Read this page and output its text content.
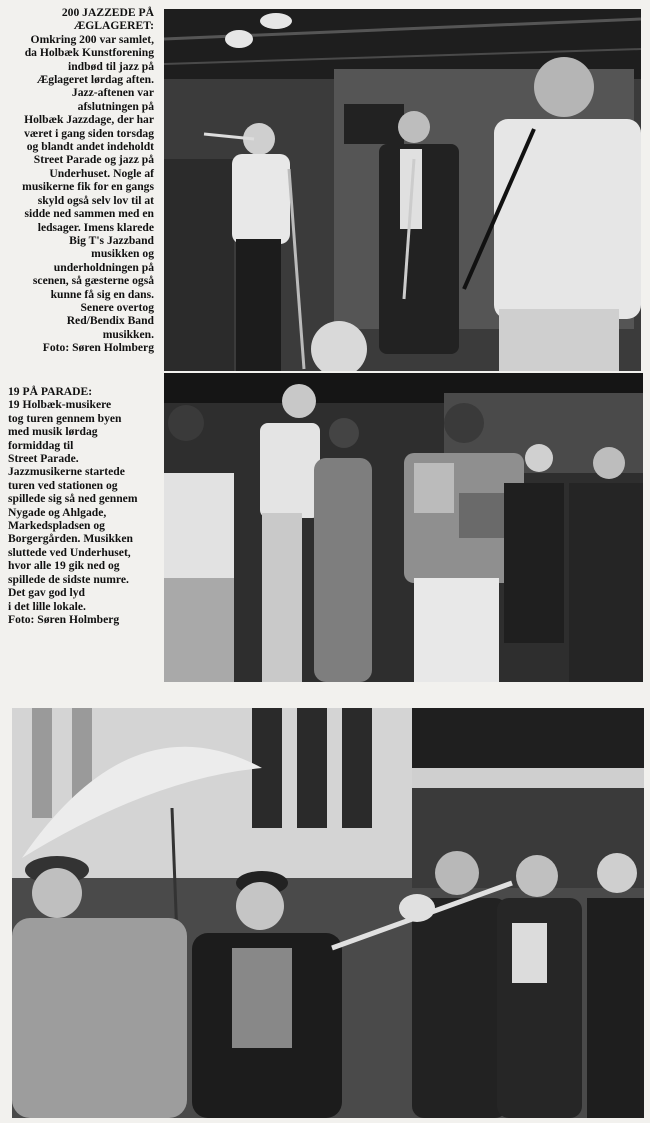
200 JAZZEDE PÅ
ÆGLAGERET:
Omkring 200 var samlet,
da Holbæk Kunstforening
indbød til jazz på
Æglageret lørdag aften.
Jazz-aftenen var
afslutningen på
Holbæk Jazzdage, der har
været i gang siden torsdag
og blandt andet indeholdt
Street Parade og jazz på
Underhuset. Nogle af
musikerne fik for en gangs
skyld også selv lov til at
sidde ned sammen med en
ledsager. Imens klarede
Big T's Jazzband
musikken og
underholdningen på
scenen, så gæsterne også
kunne få sig en dans.
Senere overtog
Red/Bendix Band
musikken.
Foto: Søren Holmberg
19 PÅ PARADE:
19 Holbæk-musikere
tog turen gennem byen
med musik lørdag
formiddag til
Street Parade.
Jazzmusikerne startede
turen ved stationen og
spillede sig så ned gennem
Nygade og Ahlgade,
Markedspladsen og
Borgergården. Musikken
sluttede ved Underhuset,
hvor alle 19 gik ned og
spillede de sidste numre.
Det gav god lyd
i det lille lokale.
Foto: Søren Holmberg
